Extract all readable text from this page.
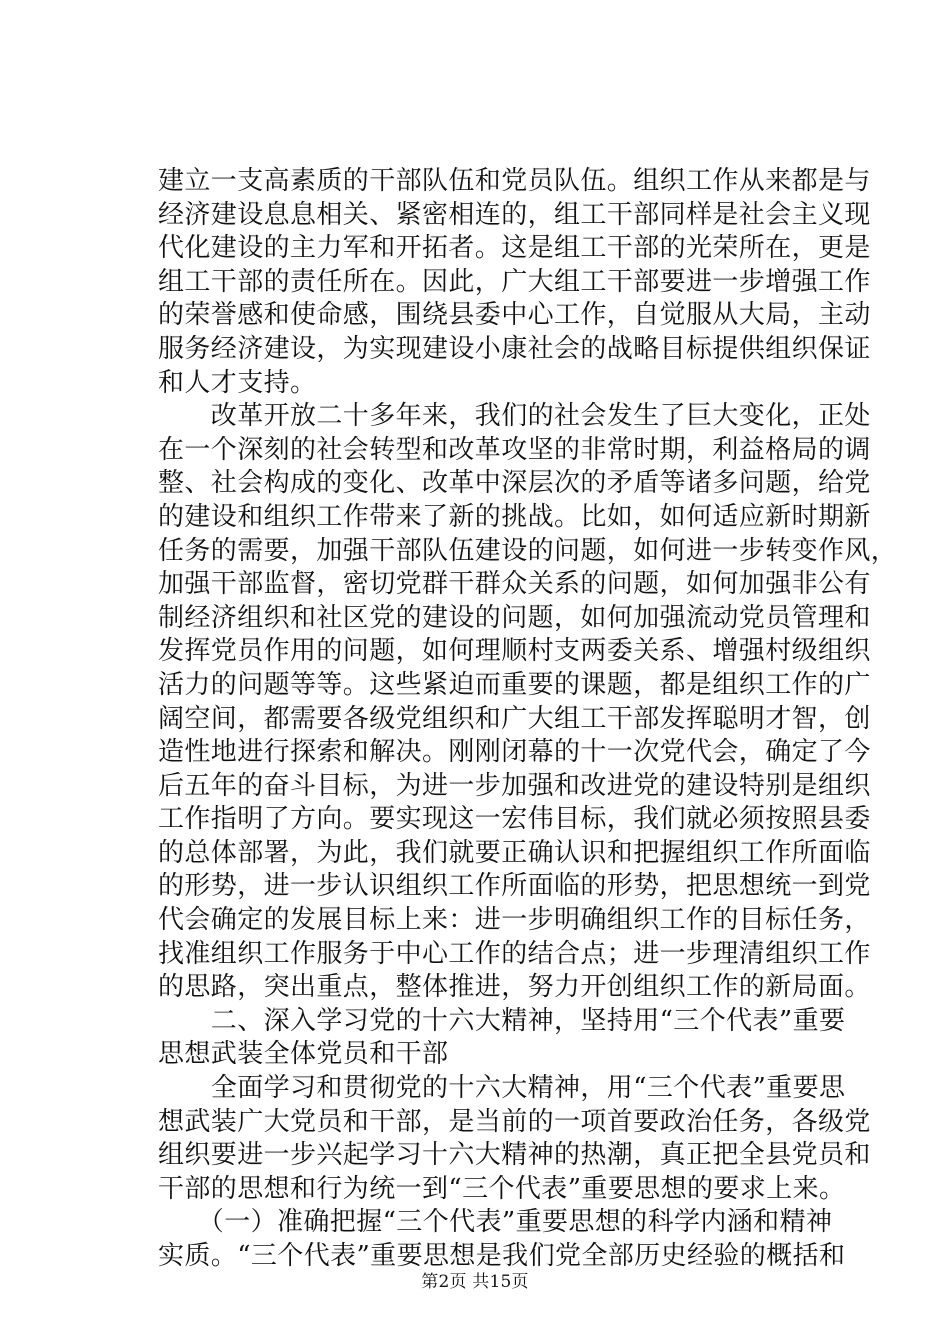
建立一支高素质的干部队伍和党员队伍。组织工作从来都是与
经济建设息息相关、紧密相连的，组工干部同样是社会主义现
代化建设的主力军和开拓者。这是组工干部的光荣所在，更是
组工干部的责任所在。因此，广大组工干部要进一步增强工作
的荣誉感和使命感，围绕县委中心工作，自觉服从大局，主动
服务经济建设，为实现建设小康社会的战略目标提供组织保证
和人才支持。
　　改革开放二十多年来，我们的社会发生了巨大变化，正处
在一个深刻的社会转型和改革攻坚的非常时期，利益格局的调
整、社会构成的变化、改革中深层次的矛盾等诸多问题，给党
的建设和组织工作带来了新的挑战。比如，如何适应新时期新
任务的需要，加强干部队伍建设的问题，如何进一步转变作风，
加强干部监督，密切党群干群众关系的问题，如何加强非公有
制经济组织和社区党的建设的问题，如何加强流动党员管理和
发挥党员作用的问题，如何理顺村支两委关系、增强村级组织
活力的问题等等。这些紧迫而重要的课题，都是组织工作的广
阔空间，都需要各级党组织和广大组工干部发挥聪明才智，创
造性地进行探索和解决。刚刚闭幕的十一次党代会，确定了今
后五年的奋斗目标，为进一步加强和改进党的建设特别是组织
工作指明了方向。要实现这一宏伟目标，我们就必须按照县委
的总体部署，为此，我们就要正确认识和把握组织工作所面临
的形势，进一步认识组织工作所面临的形势，把思想统一到党
代会确定的发展目标上来：进一步明确组织工作的目标任务，
找准组织工作服务于中心工作的结合点；进一步理清组织工作
的思路，突出重点，整体推进，努力开创组织工作的新局面。
　　二、深入学习党的十六大精神，坚持用“三个代表”重要
思想武装全体党员和干部
　　全面学习和贯彻党的十六大精神，用“三个代表”重要思
想武装广大党员和干部，是当前的一项首要政治任务，各级党
组织要进一步兴起学习十六大精神的热潮，真正把全县党员和
干部的思想和行为统一到“三个代表”重要思想的要求上来。
　　（一）准确把握“三个代表”重要思想的科学内涵和精神
实质。“三个代表”重要思想是我们党全部历史经验的概括和
第2页 共15页
